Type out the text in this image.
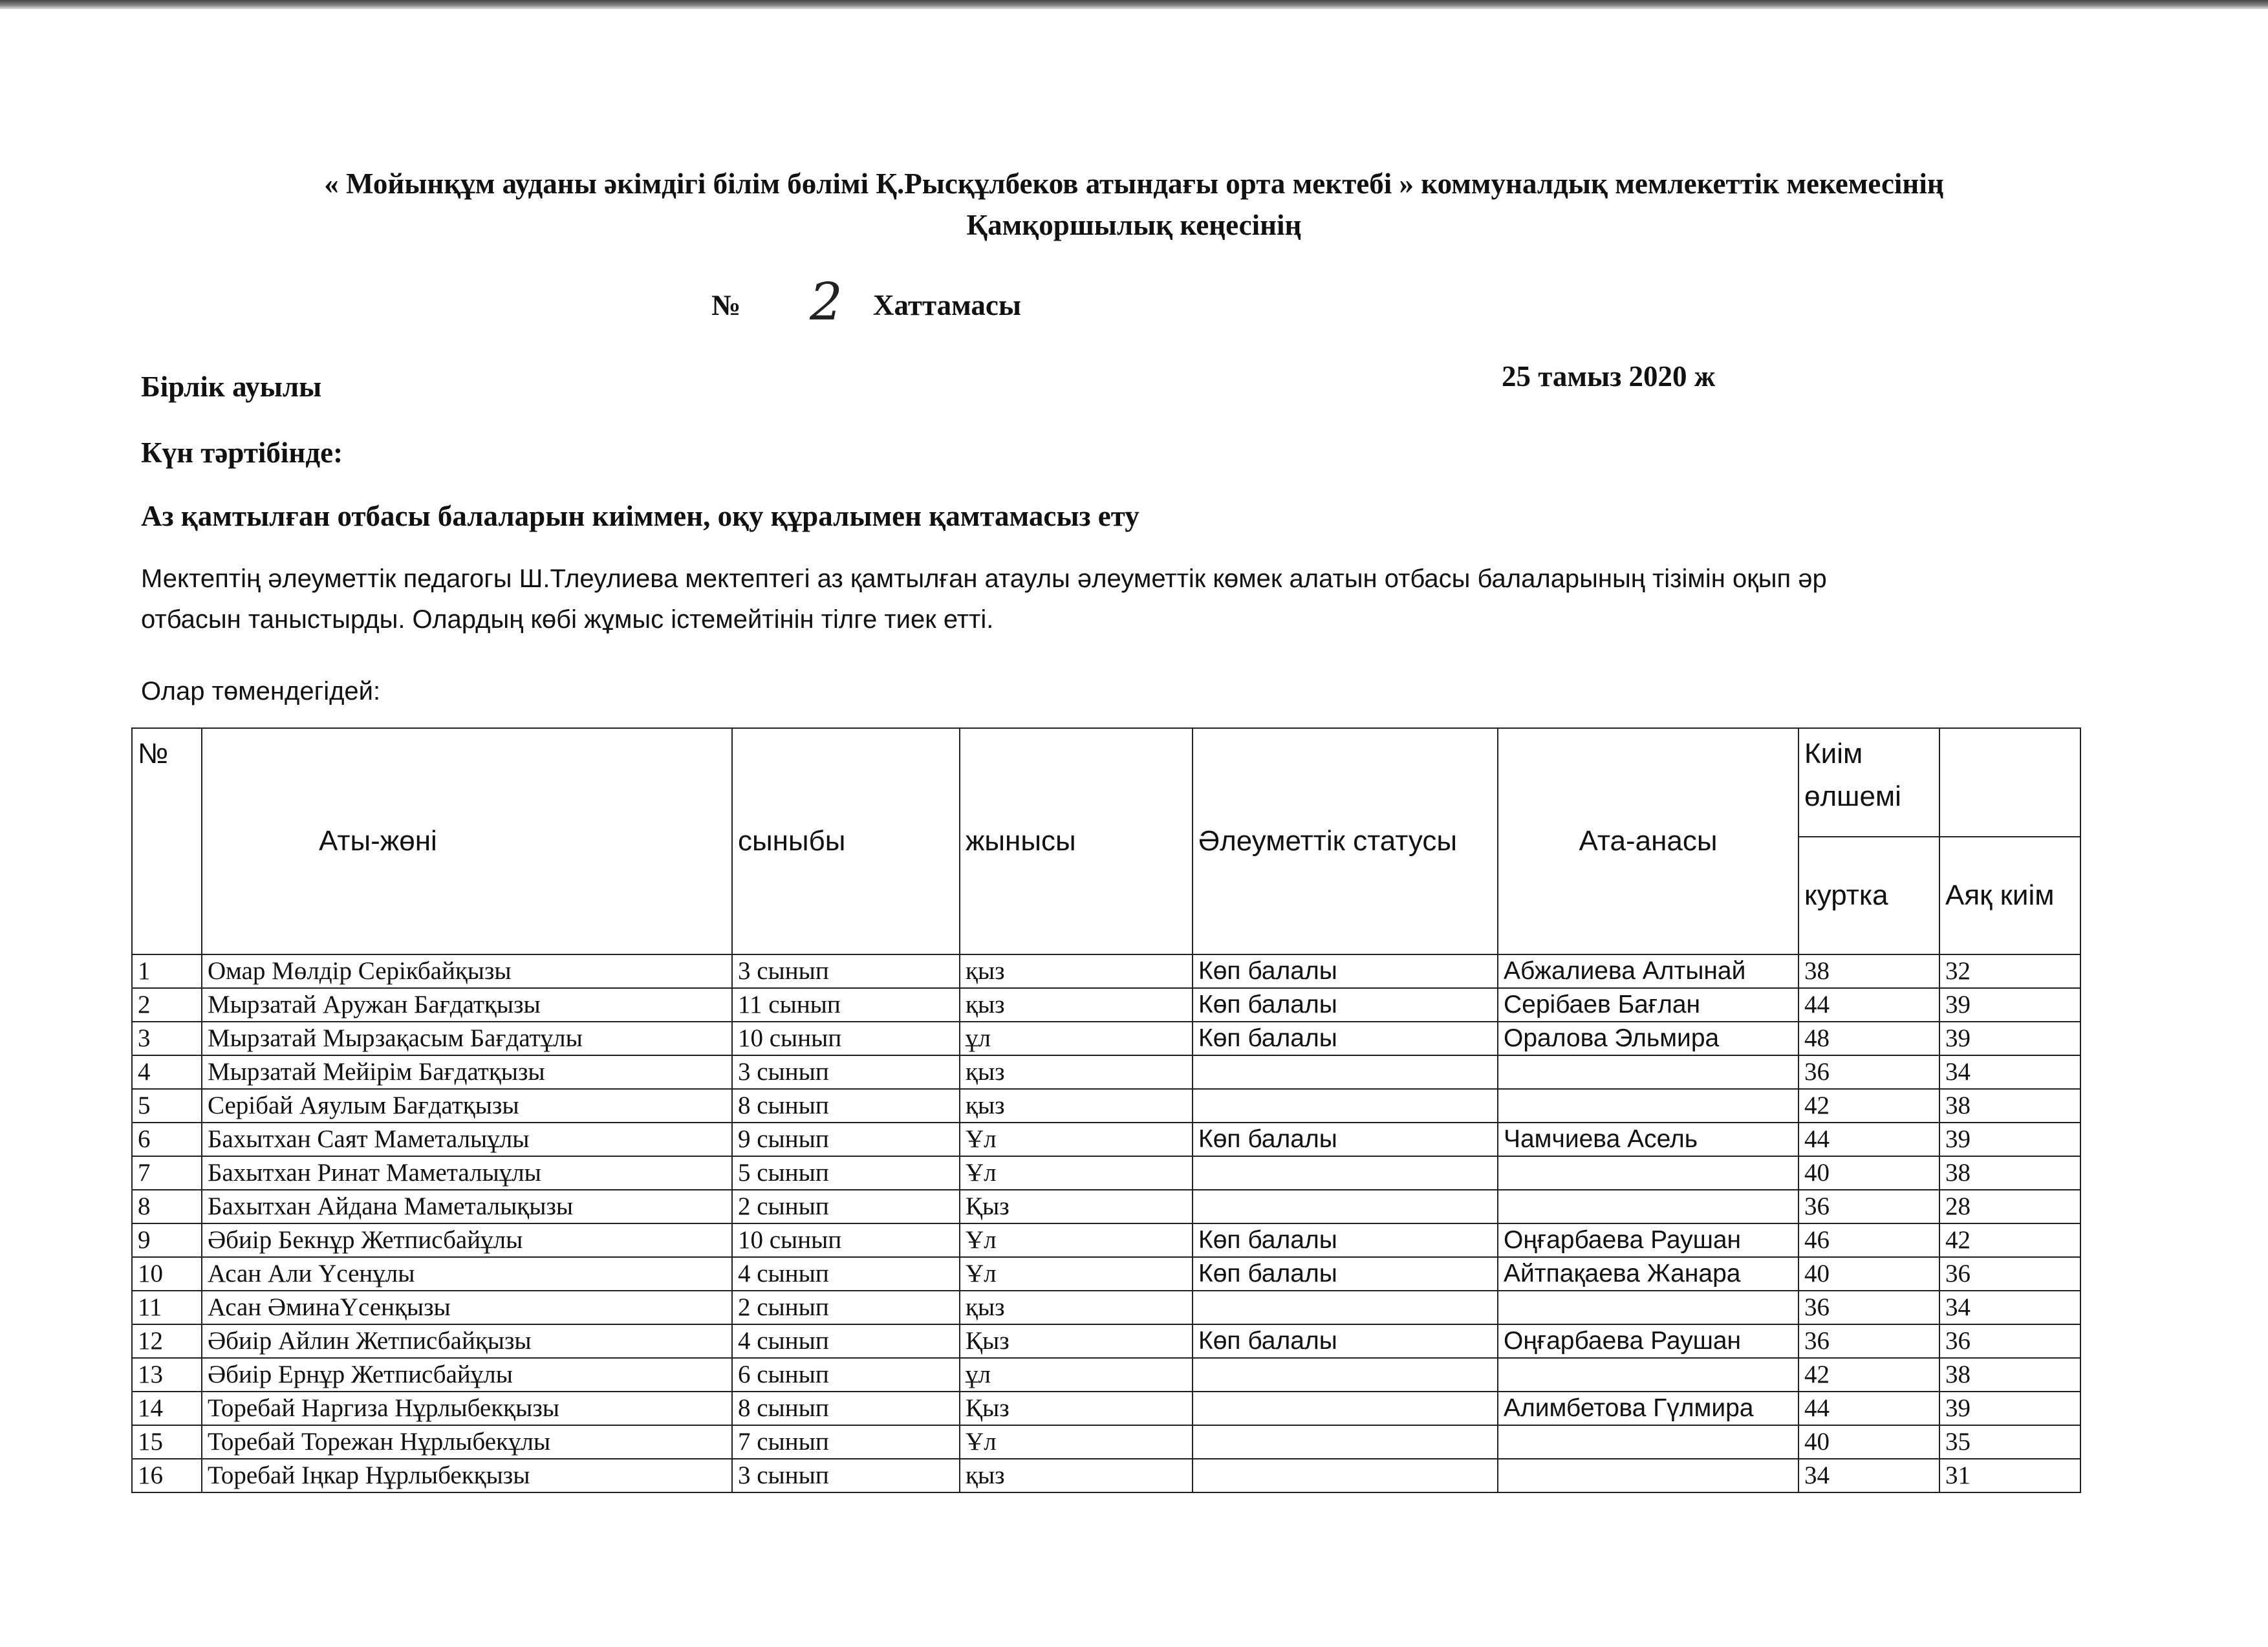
« Мойынқұм ауданы әкімдігі білім бөлімі Қ.Рысқұлбеков атындағы орта мектебі » коммуналдық мемлекеттік мекемесінің
Қамқоршылық кеңесінің
№ 2 Хаттамасы
Бірлік ауылы	25 тамыз 2020 ж
Күн тәртібінде:
Аз қамтылған отбасы балаларын киіммен, оқу құралымен қамтамасыз ету
Мектептің әлеуметтік педагогы Ш.Тлеулиева мектептегі аз қамтылған атаулы әлеуметтік көмек алатын отбасы балаларының тізімін оқып әр
отбасын таныстырды. Олардың көбі жұмыс істемейтінін тілге тиек етті.
Олар төмендегідей:
№	Аты-жөні	сыныбы	жынысы	Әлеуметтік статусы	Ата-анасы	Киім өлшемі	
						куртка	Аяқ киім
1	Омар Мөлдір Серікбайқызы	3 сынып	қыз	Көп балалы	Абжалиева Алтынай	38	32
2	Мырзатай Аружан Бағдатқызы	11 сынып	қыз	Көп балалы	Серібаев Бағлан	44	39
3	Мырзатай Мырзақасым Бағдатұлы	10 сынып	ұл	Көп балалы	Оралова Эльмира	48	39
4	Мырзатай Мейірім Бағдатқызы	3 сынып	қыз			36	34
5	Серібай Аяулым Бағдатқызы	8 сынып	қыз			42	38
6	Бахытхан Саят Маметалыұлы	9 сынып	Ұл	Көп балалы	Чамчиева Асель	44	39
7	Бахытхан Ринат Маметалыұлы	5 сынып	Ұл			40	38
8	Бахытхан Айдана Маметалықызы	2 сынып	Қыз			36	28
9	Әбиір Бекнұр Жетписбайұлы	10 сынып	Ұл	Көп балалы	Оңғарбаева Раушан	46	42
10	Асан Али Үсенұлы	4 сынып	Ұл	Көп балалы	Айтпақаева Жанара	40	36
11	Асан ӘминаҮсенқызы	2 сынып	қыз			36	34
12	Әбиір Айлин Жетписбайқызы	4 сынып	Қыз	Көп балалы	Оңғарбаева Раушан	36	36
13	Әбиір Ернұр Жетписбайұлы	6 сынып	ұл			42	38
14	Торебай Наргиза Нұрлыбекқызы	8 сынып	Қыз		Алимбетова Гүлмира	44	39
15	Торебай Торежан Нұрлыбекұлы	7 сынып	Ұл			40	35
16	Торебай Іңкар Нұрлыбекқызы	3 сынып	қыз			34	31
